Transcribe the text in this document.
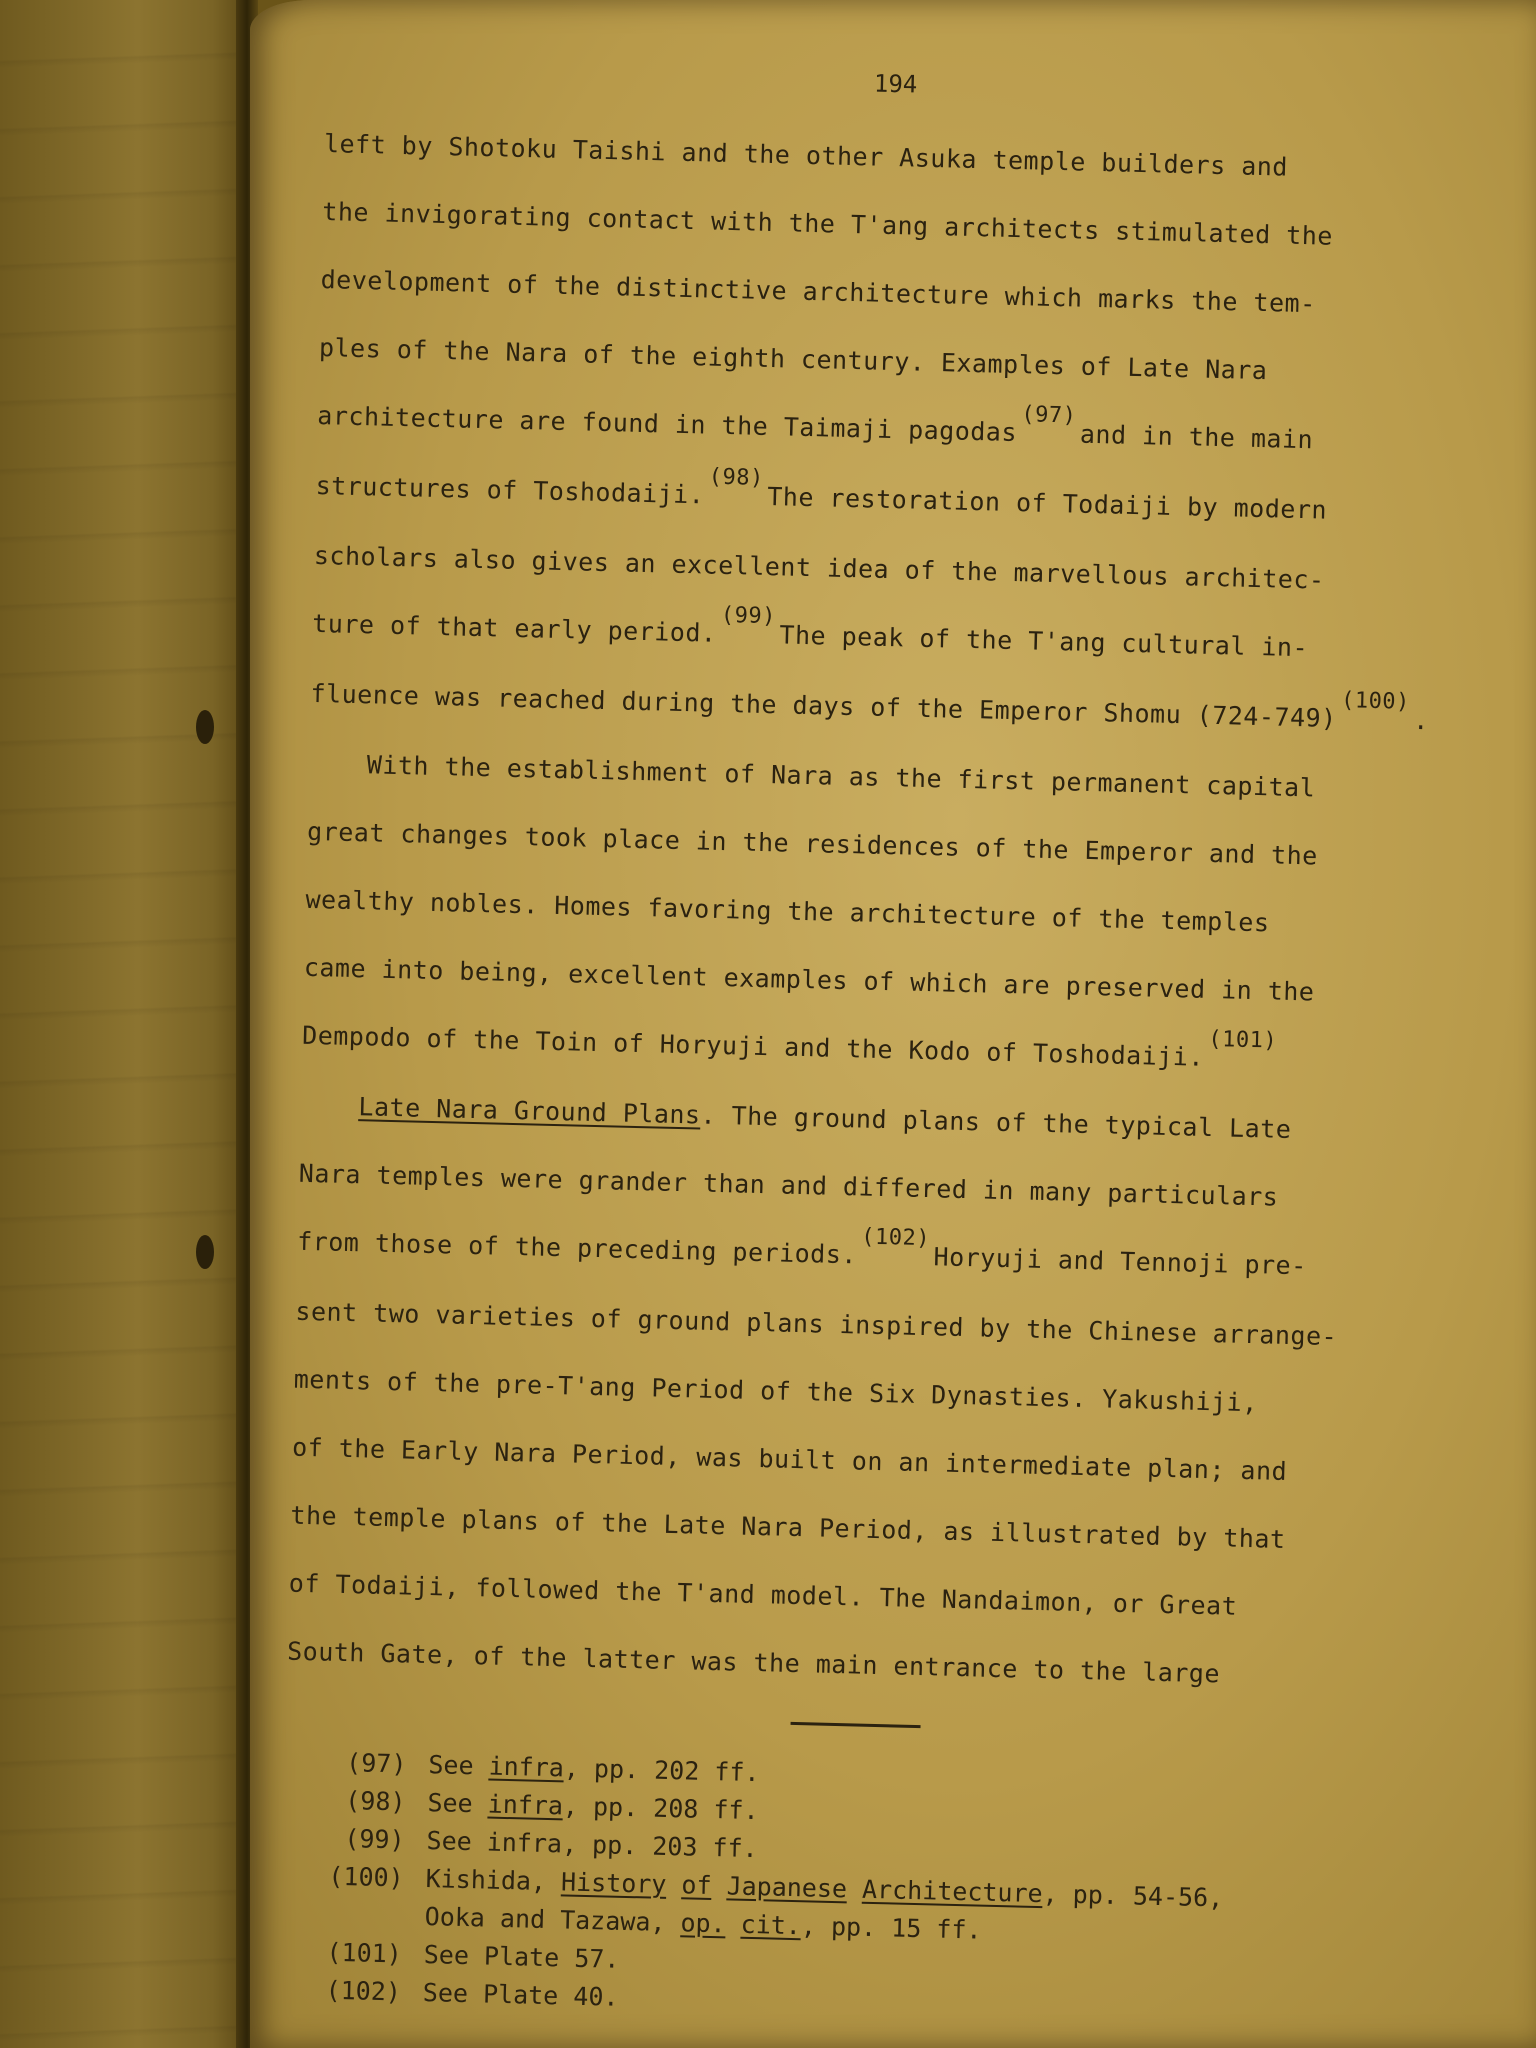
194
left by Shotoku Taishi and the other Asuka temple builders and
the invigorating contact with the T'ang architects stimulated the
development of the distinctive architecture which marks the tem-
ples of the Nara of the eighth century. Examples of Late Nara
architecture are found in the Taimaji pagodas (97)and in the main
structures of Toshodaiji. (98)The restoration of Todaiji by modern
scholars also gives an excellent idea of the marvellous architec-
ture of that early period. (99)The peak of the T'ang cultural in-
fluence was reached during the days of the Emperor Shomu (724-749) (100).
With the establishment of Nara as the first permanent capital
great changes took place in the residences of the Emperor and the
wealthy nobles. Homes favoring the architecture of the temples
came into being, excellent examples of which are preserved in the
Dempodo of the Toin of Horyuji and the Kodo of Toshodaiji. (101)
Late Nara Ground Plans. The ground plans of the typical Late
Nara temples were grander than and differed in many particulars
from those of the preceding periods. (102)Horyuji and Tennoji pre-
sent two varieties of ground plans inspired by the Chinese arrange-
ments of the pre-T'ang Period of the Six Dynasties. Yakushiji,
of the Early Nara Period, was built on an intermediate plan; and
the temple plans of the Late Nara Period, as illustrated by that
of Todaiji, followed the T'and model. The Nandaimon, or Great
South Gate, of the latter was the main entrance to the large
(97) See infra, pp. 202 ff.
(98) See infra, pp. 208 ff.
(99) See infra, pp. 203 ff.
(100) Kishida, History of Japanese Architecture, pp. 54-56,
Ooka and Tazawa, op. cit., pp. 15 ff.
(101) See Plate 57.
(102) See Plate 40.
